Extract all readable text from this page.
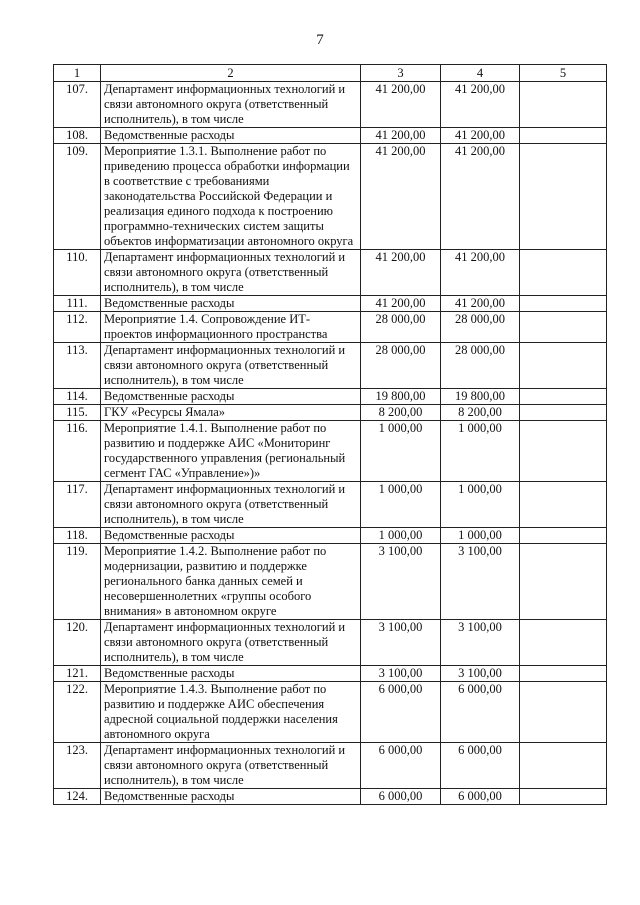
7
1	2	3	4	5
107.	Департамент информационных технологий и связи автономного округа (ответственный исполнитель), в том числе	41 200,00	41 200,00	
108.	Ведомственные расходы	41 200,00	41 200,00	
109.	Мероприятие 1.3.1. Выполнение работ по приведению процесса обработки информации в соответствие с требованиями законодательства Российской Федерации и реализация единого подхода к построению программно-технических систем защиты объектов информатизации автономного округа	41 200,00	41 200,00	
110.	Департамент информационных технологий и связи автономного округа (ответственный исполнитель), в том числе	41 200,00	41 200,00	
111.	Ведомственные расходы	41 200,00	41 200,00	
112.	Мероприятие 1.4. Сопровождение ИТ-проектов информационного пространства	28 000,00	28 000,00	
113.	Департамент информационных технологий и связи автономного округа (ответственный исполнитель), в том числе	28 000,00	28 000,00	
114.	Ведомственные расходы	19 800,00	19 800,00	
115.	ГКУ «Ресурсы Ямала»	8 200,00	8 200,00	
116.	Мероприятие 1.4.1. Выполнение работ по развитию и поддержке АИС «Мониторинг государственного управления (региональный сегмент ГАС «Управление»)»	1 000,00	1 000,00	
117.	Департамент информационных технологий и связи автономного округа (ответственный исполнитель), в том числе	1 000,00	1 000,00	
118.	Ведомственные расходы	1 000,00	1 000,00	
119.	Мероприятие 1.4.2. Выполнение работ по модернизации, развитию и поддержке регионального банка данных семей и несовершеннолетних «группы особого внимания» в автономном округе	3 100,00	3 100,00	
120.	Департамент информационных технологий и связи автономного округа (ответственный исполнитель), в том числе	3 100,00	3 100,00	
121.	Ведомственные расходы	3 100,00	3 100,00	
122.	Мероприятие 1.4.3. Выполнение работ по развитию и поддержке АИС обеспечения адресной социальной поддержки населения автономного округа	6 000,00	6 000,00	
123.	Департамент информационных технологий и связи автономного округа (ответственный исполнитель), в том числе	6 000,00	6 000,00	
124.	Ведомственные расходы	6 000,00	6 000,00	
